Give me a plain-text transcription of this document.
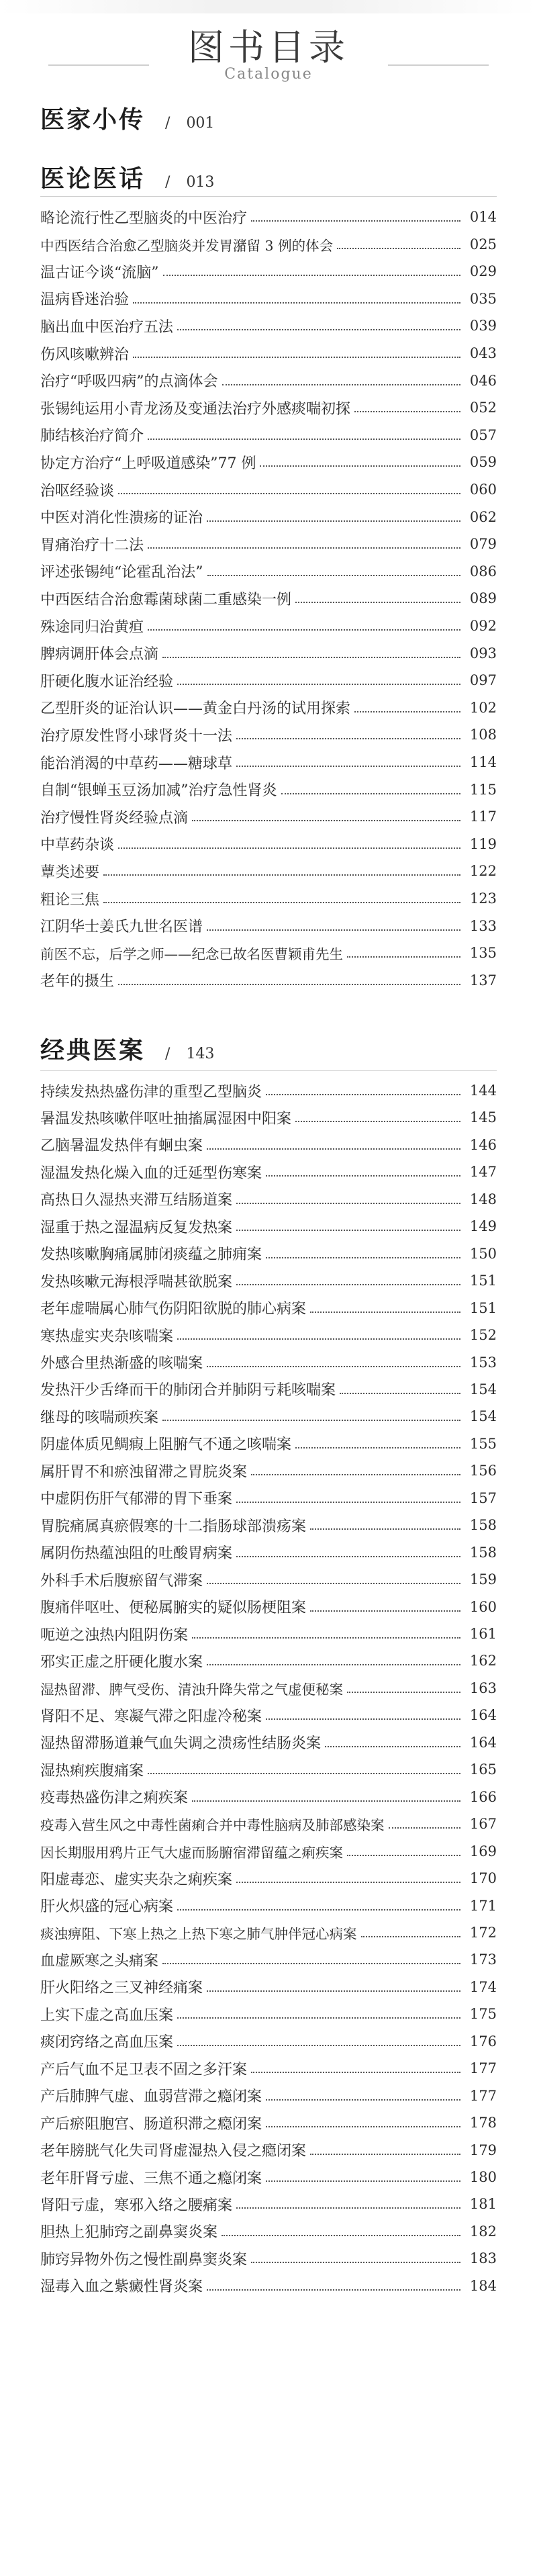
图书目录
Catalogue
医家小传 / 001
医论医话 / 013
略论流行性乙型脑炎的中医治疗	014
中西医结合治愈乙型脑炎并发胃潴留 3 例的体会	025
温古证今谈“流脑”	029
温病昏迷治验	035
脑出血中医治疗五法	039
伤风咳嗽辨治	043
治疗“呼吸四病”的点滴体会	046
张锡纯运用小青龙汤及变通法治疗外感痰喘初探	052
肺结核治疗简介	057
协定方治疗“上呼吸道感染”77 例	059
治呕经验谈	060
中医对消化性溃疡的证治	062
胃痛治疗十二法	079
评述张锡纯“论霍乱治法”	086
中西医结合治愈霉菌球菌二重感染一例	089
殊途同归治黄疸	092
脾病调肝体会点滴	093
肝硬化腹水证治经验	097
乙型肝炎的证治认识——黄金白丹汤的试用探索	102
治疗原发性肾小球肾炎十一法	108
能治消渴的中草药——糖球草	114
自制“银蝉玉豆汤加减”治疗急性肾炎	115
治疗慢性肾炎经验点滴	117
中草药杂谈	119
蕈类述要	122
粗论三焦	123
江阴华士姜氏九世名医谱	133
前医不忘，后学之师——纪念已故名医曹颖甫先生	135
老年的摄生	137
经典医案 / 143
持续发热热盛伤津的重型乙型脑炎	144
暑温发热咳嗽伴呕吐抽搐属湿困中阳案	145
乙脑暑温发热伴有蛔虫案	146
湿温发热化燥入血的迁延型伤寒案	147
高热日久湿热夹滞互结肠道案	148
湿重于热之湿温病反复发热案	149
发热咳嗽胸痛属肺闭痰蕴之肺痈案	150
发热咳嗽元海根浮喘甚欲脱案	151
老年虚喘属心肺气伤阴阳欲脱的肺心病案	151
寒热虚实夹杂咳喘案	152
外感合里热渐盛的咳喘案	153
发热汗少舌绛而干的肺闭合并肺阴亏耗咳喘案	154
继母的咳喘顽疾案	154
阴虚体质见鲷瘕上阻腑气不通之咳喘案	155
属肝胃不和瘀浊留滞之胃脘炎案	156
中虚阴伤肝气郁滞的胃下垂案	157
胃脘痛属真瘀假寒的十二指肠球部溃疡案	158
属阴伤热蕴浊阻的吐酸胃病案	158
外科手术后腹瘀留气滞案	159
腹痛伴呕吐、便秘属腑实的疑似肠梗阻案	160
呃逆之浊热内阻阴伤案	161
邪实正虚之肝硬化腹水案	162
湿热留滞、脾气受伤、清浊升降失常之气虚便秘案	163
肾阳不足、寒凝气滞之阳虚冷秘案	164
湿热留滞肠道兼气血失调之溃疡性结肠炎案	164
湿热痢疾腹痛案	165
疫毒热盛伤津之痢疾案	166
疫毒入营生风之中毒性菌痢合并中毒性脑病及肺部感染案	167
因长期服用鸦片正气大虚而肠腑宿滞留蕴之痢疾案	169
阳虚毒恋、虚实夹杂之痢疾案	170
肝火炽盛的冠心病案	171
痰浊痹阻、下寒上热之上热下寒之肺气肿伴冠心病案	172
血虚厥寒之头痛案	173
肝火阳络之三叉神经痛案	174
上实下虚之高血压案	175
痰闭窍络之高血压案	176
产后气血不足卫表不固之多汗案	177
产后肺脾气虚、血弱营滞之瘾闭案	177
产后瘀阻胞宫、肠道积滞之瘾闭案	178
老年膀胱气化失司肾虚湿热入侵之瘾闭案	179
老年肝肾亏虚、三焦不通之瘾闭案	180
肾阳亏虚，寒邪入络之腰痛案	181
胆热上犯肺窍之副鼻窦炎案	182
肺窍异物外伤之慢性副鼻窦炎案	183
湿毒入血之紫癜性肾炎案	184
